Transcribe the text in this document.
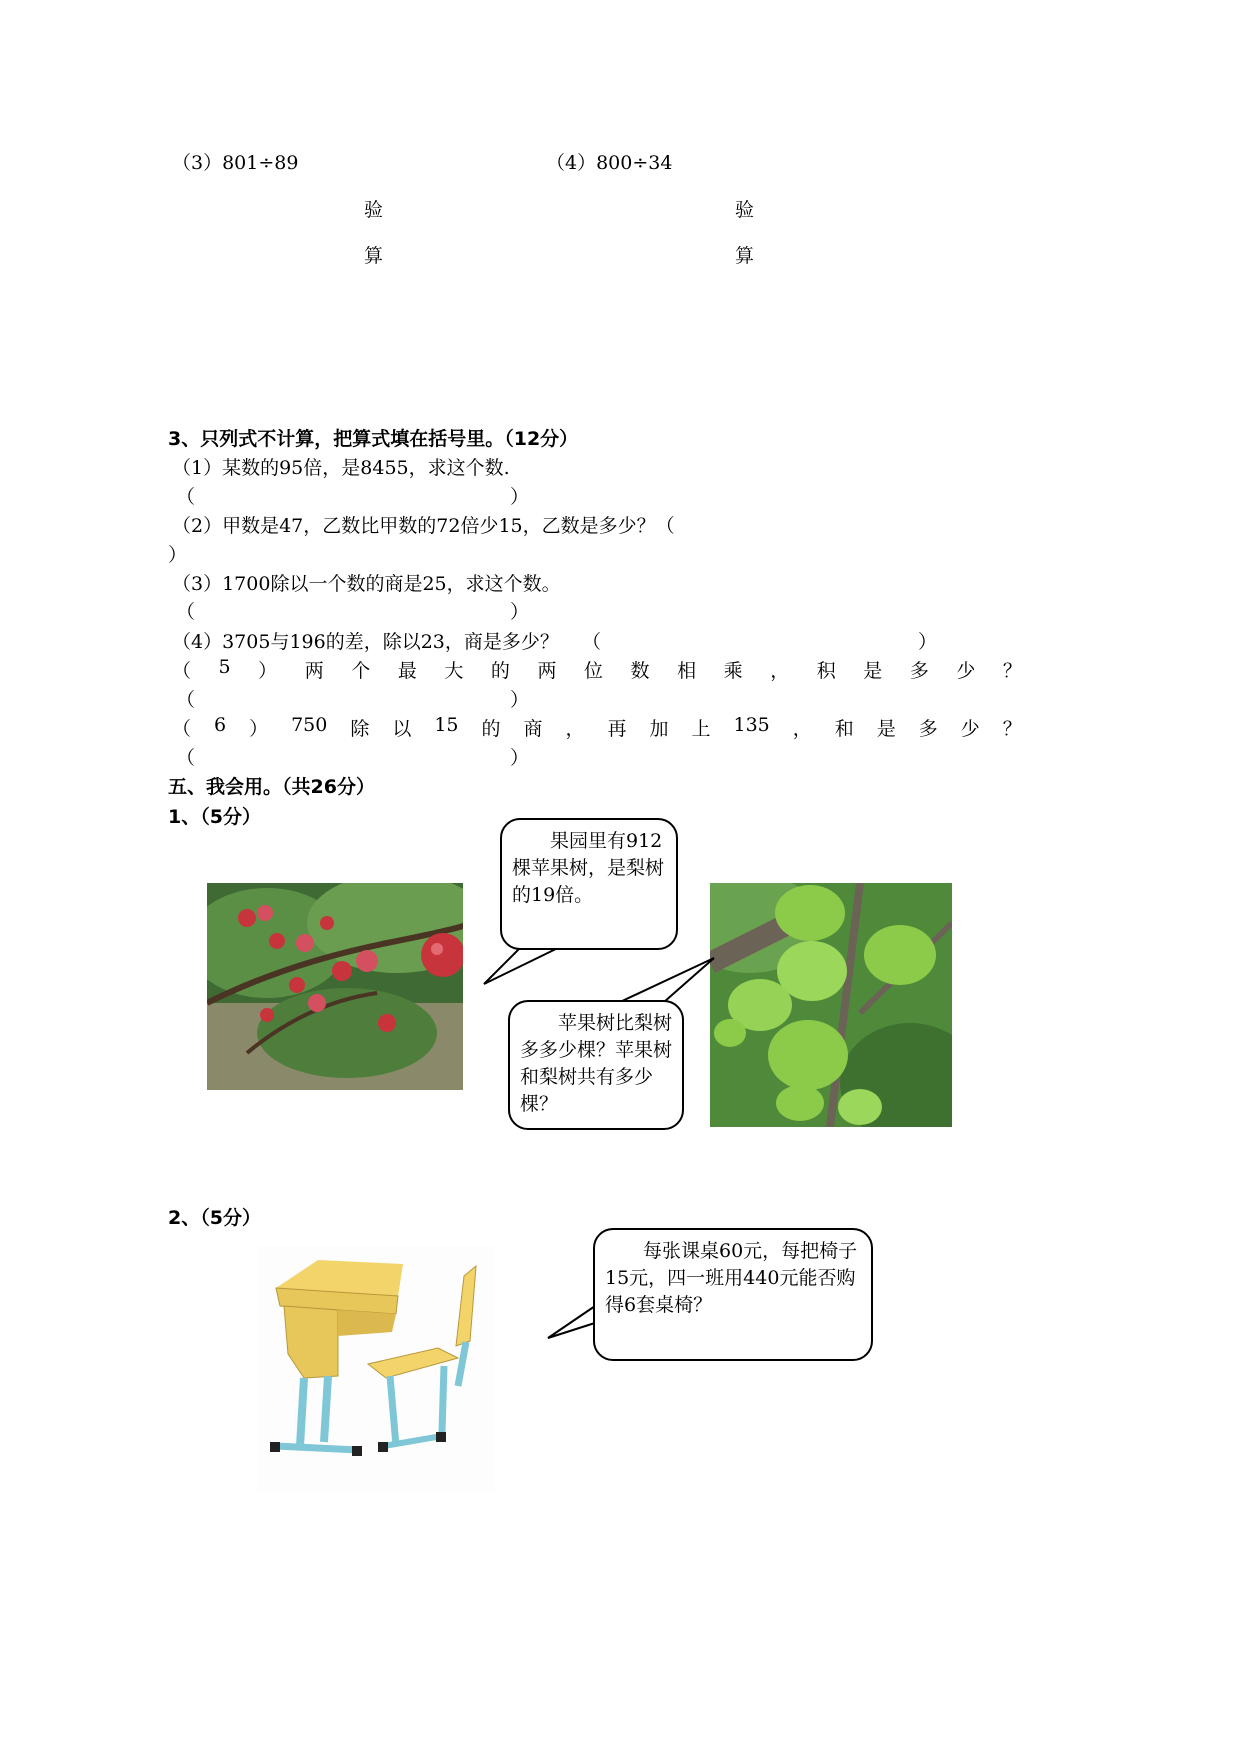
（3）801÷89	（4）800÷34
验
算
验
算
3、只列式不计算，把算式填在括号里。（12分）
（1）某数的95倍，是8455，求这个数.
（	）
（2）甲数是47，乙数比甲数的72倍少15，乙数是多少？（
）
（3）1700除以一个数的商是25，求这个数。
（	）
（4）3705与196的差，除以23，商是多少？ （	）
（ 5 ） 两 个 最 大 的 两 位 数 相 乘 ， 积 是 多 少 ？
（	）
（ 6 ） 750 除 以 15 的 商 ， 再 加 上 135 ， 和 是 多 少 ？
（	）
五、我会用。（共26分）
1、（5分）
果园里有912棵苹果树，是梨树的19倍。
苹果树比梨树多多少棵？苹果树和梨树共有多少棵？
2、（5分）
每张课桌60元，每把椅子15元，四一班用440元能否购得6套桌椅？
